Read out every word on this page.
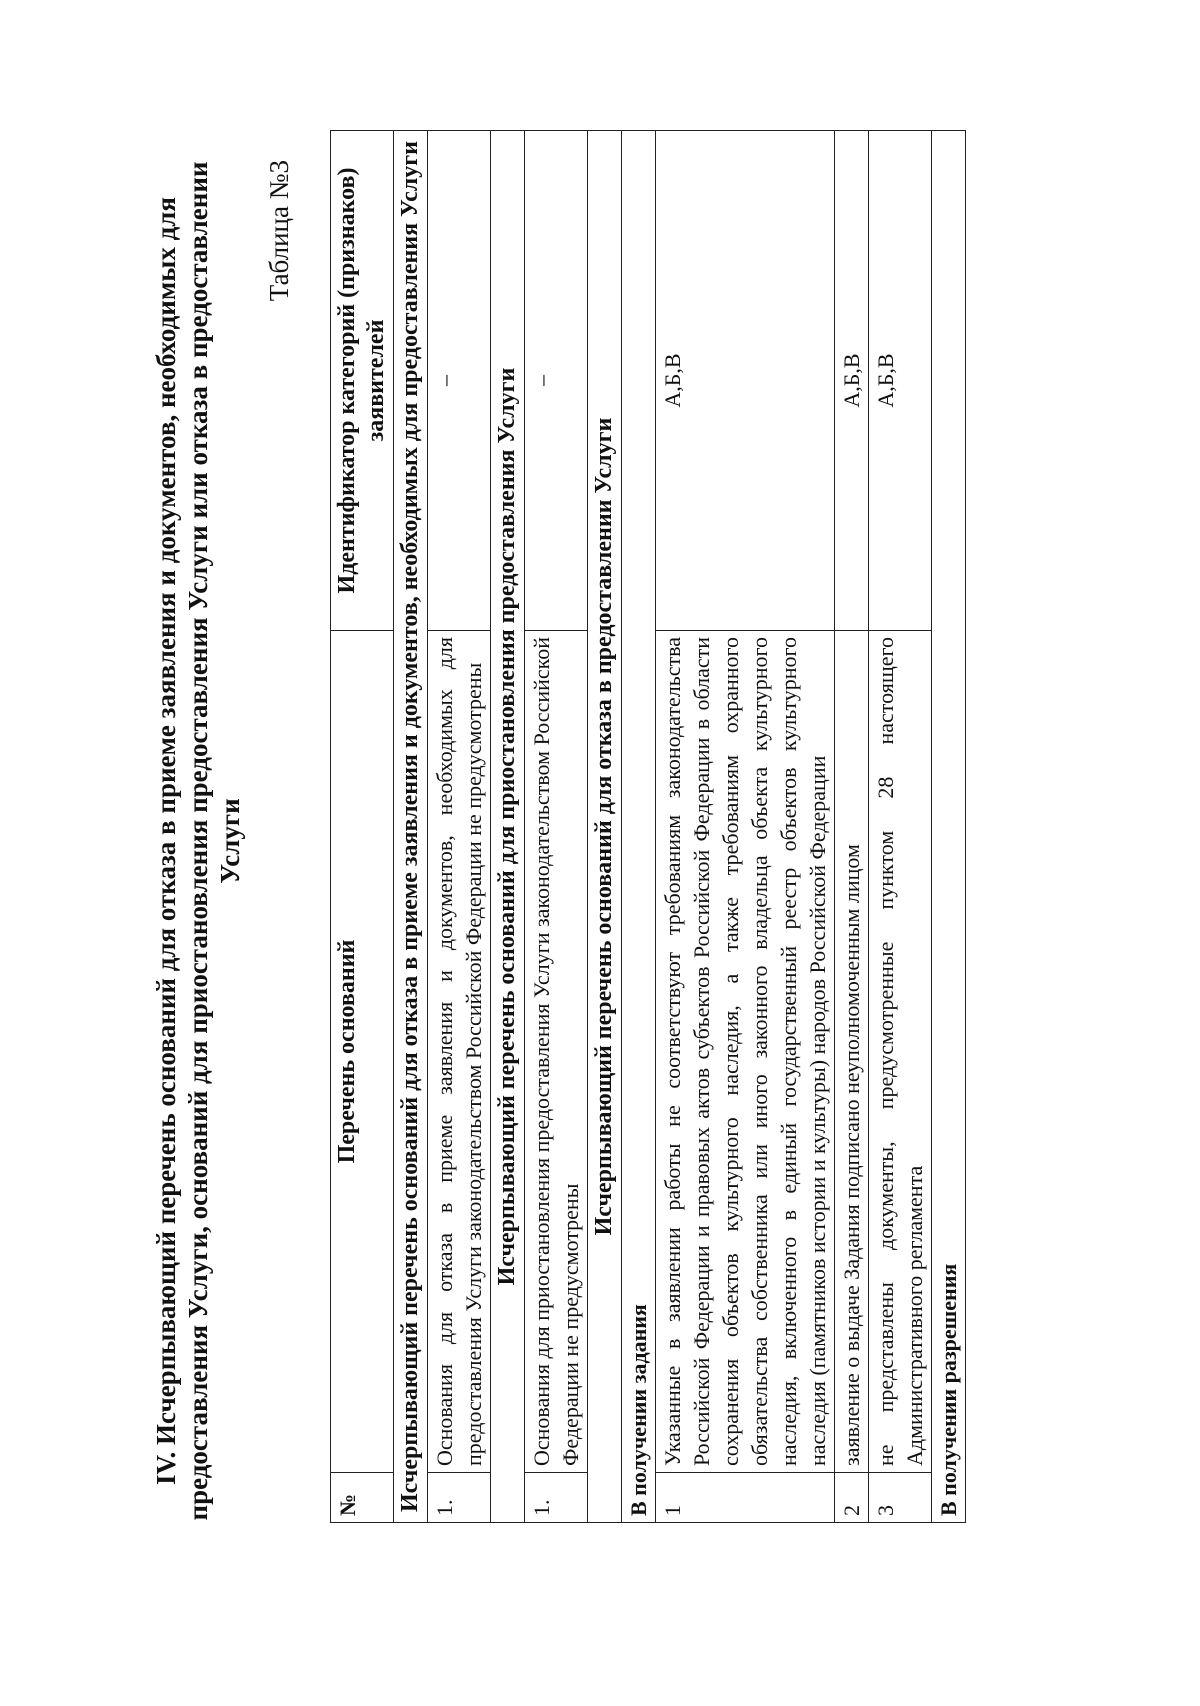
IV. Исчерпывающий перечень оснований для отказа в приеме заявления и документов, необходимых для предоставления Услуги, оснований для приостановления предоставления Услуги или отказа в предоставлении Услуги
Таблица №3
№	Перечень оснований	Идентификатор категорий (признаков) заявителей
Исчерпывающий перечень оснований для отказа в приеме заявления и документов, необходимых для предоставления Услуги		
1.	Основания для отказа в приеме заявления и документов, необходимых для предоставления Услуги законодательством Российской Федерации не предусмотрены	–
Исчерпывающий перечень оснований для приостановления предоставления Услуги		
1.	Основания для приостановления предоставления Услуги законодательством Российской Федерации не предусмотрены	–
Исчерпывающий перечень оснований для отказа в предоставлении Услуги		
В получении задания		
1	Указанные в заявлении работы не соответствуют требованиям законодательства Российской Федерации и правовых актов субъектов Российской Федерации в области сохранения объектов культурного наследия, а также требованиям охранного обязательства собственника или иного законного владельца объекта культурного наследия, включенного в единый государственный реестр объектов культурного наследия (памятников истории и культуры) народов Российской Федерации	А,Б,В
2	заявление о выдаче Задания подписано неуполномоченным лицом	А,Б,В
3	не представлены документы, предусмотренные пунктом 28 настоящего Административного регламента	А,Б,В
В получении разрешения		
